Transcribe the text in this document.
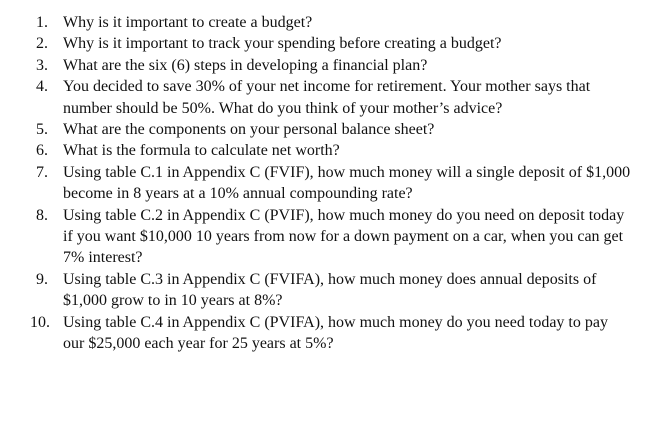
1. Why is it important to create a budget?
2. Why is it important to track your spending before creating a budget?
3. What are the six (6) steps in developing a financial plan?
4. You decided to save 30% of your net income for retirement. Your mother says that number should be 50%. What do you think of your mother’s advice?
5. What are the components on your personal balance sheet?
6. What is the formula to calculate net worth?
7. Using table C.1 in Appendix C (FVIF), how much money will a single deposit of $1,000 become in 8 years at a 10% annual compounding rate?
8. Using table C.2 in Appendix C (PVIF), how much money do you need on deposit today if you want $10,000 10 years from now for a down payment on a car, when you can get 7% interest?
9. Using table C.3 in Appendix C (FVIFA), how much money does annual deposits of $1,000 grow to in 10 years at 8%?
10. Using table C.4 in Appendix C (PVIFA), how much money do you need today to pay our $25,000 each year for 25 years at 5%?
